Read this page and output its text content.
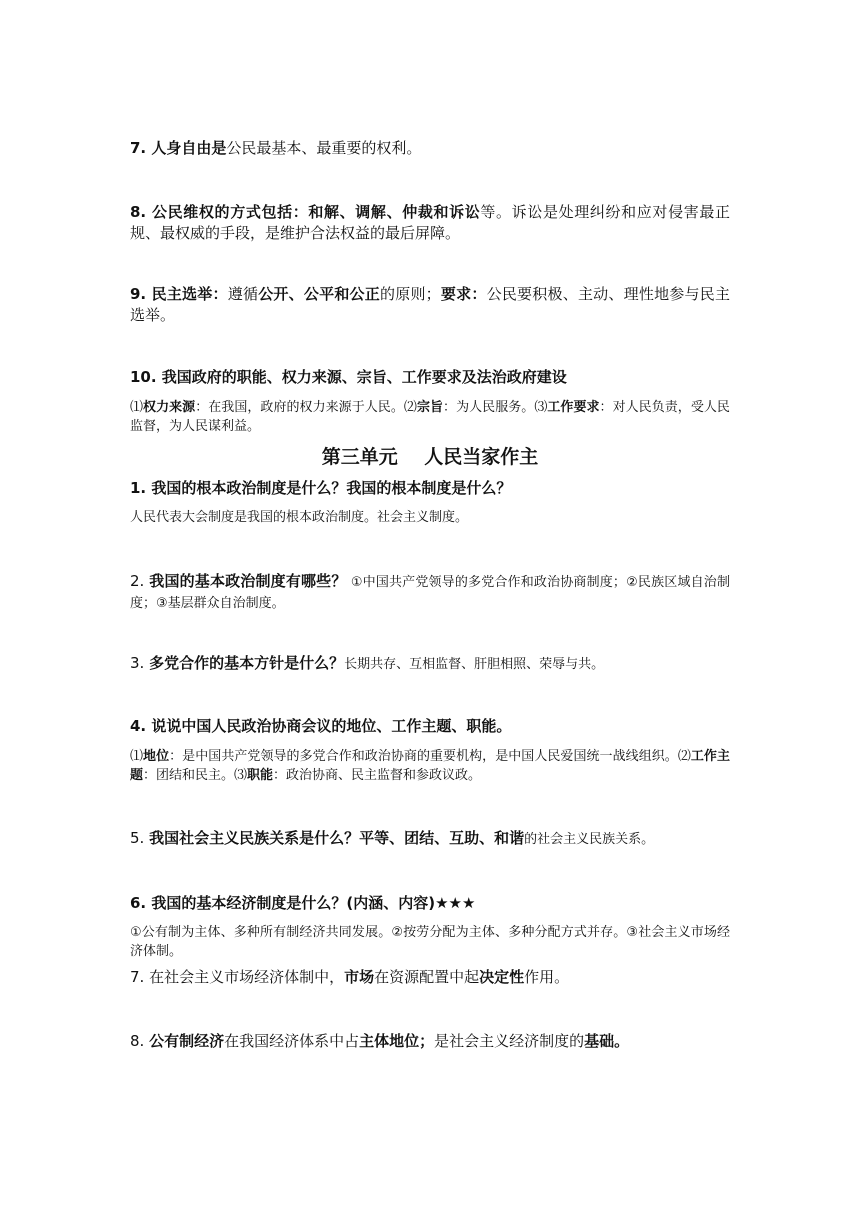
7. 人身自由是公民最基本、最重要的权利。
8. 公民维权的方式包括：和解、调解、仲裁和诉讼等。诉讼是处理纠纷和应对侵害最正规、最权威的手段，是维护合法权益的最后屏障。
9. 民主选举：遵循公开、公平和公正的原则；要求：公民要积极、主动、理性地参与民主选举。
10. 我国政府的职能、权力来源、宗旨、工作要求及法治政府建设
⑴权力来源：在我国，政府的权力来源于人民。⑵宗旨：为人民服务。⑶工作要求：对人民负责，受人民监督，为人民谋利益。
第三单元 人民当家作主
1. 我国的根本政治制度是什么？我国的根本制度是什么？
人民代表大会制度是我国的根本政治制度。社会主义制度。
2. 我国的基本政治制度有哪些？ ①中国共产党领导的多党合作和政治协商制度；②民族区域自治制度；③基层群众自治制度。
3. 多党合作的基本方针是什么？长期共存、互相监督、肝胆相照、荣辱与共。
4. 说说中国人民政治协商会议的地位、工作主题、职能。
⑴地位：是中国共产党领导的多党合作和政治协商的重要机构，是中国人民爱国统一战线组织。⑵工作主题：团结和民主。⑶职能：政治协商、民主监督和参政议政。
5. 我国社会主义民族关系是什么？平等、团结、互助、和谐的社会主义民族关系。
6. 我国的基本经济制度是什么？(内涵、内容)★★★
①公有制为主体、多种所有制经济共同发展。②按劳分配为主体、多种分配方式并存。③社会主义市场经济体制。
7. 在社会主义市场经济体制中，市场在资源配置中起决定性作用。
8. 公有制经济在我国经济体系中占主体地位；是社会主义经济制度的基础。
